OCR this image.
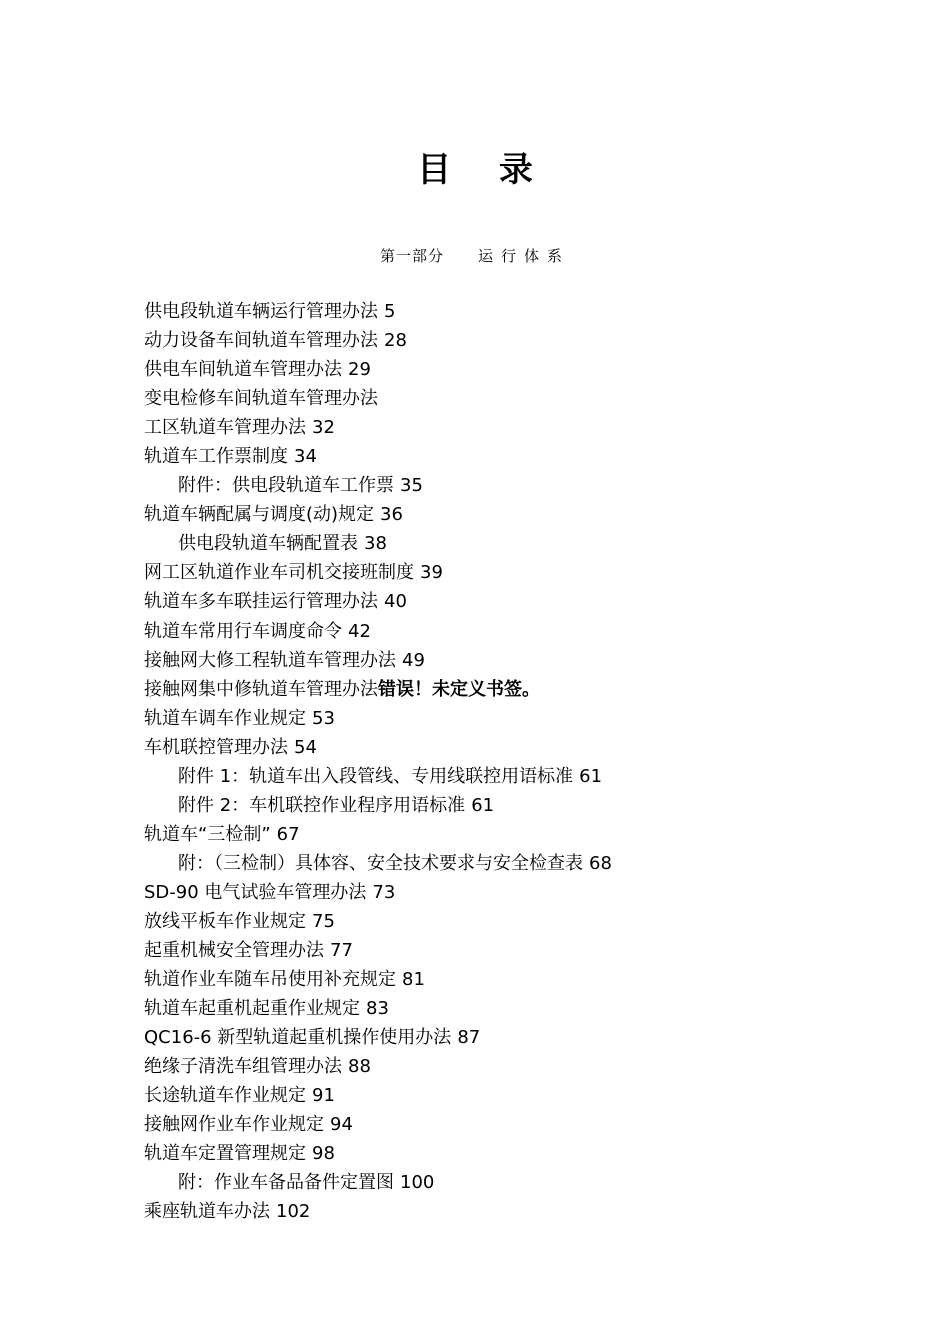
目 录
第一部分 运行体系
供电段轨道车辆运行管理办法 5
动力设备车间轨道车管理办法 28
供电车间轨道车管理办法 29
变电检修车间轨道车管理办法
工区轨道车管理办法 32
轨道车工作票制度 34
附件：供电段轨道车工作票 35
轨道车辆配属与调度(动)规定 36
供电段轨道车辆配置表 38
网工区轨道作业车司机交接班制度 39
轨道车多车联挂运行管理办法 40
轨道车常用行车调度命令 42
接触网大修工程轨道车管理办法 49
接触网集中修轨道车管理办法错误！未定义书签。
轨道车调车作业规定 53
车机联控管理办法 54
附件 1：轨道车出入段管线、专用线联控用语标准 61
附件 2：车机联控作业程序用语标准 61
轨道车“三检制” 67
附：（三检制）具体容、安全技术要求与安全检查表 68
SD-90 电气试验车管理办法 73
放线平板车作业规定 75
起重机械安全管理办法 77
轨道作业车随车吊使用补充规定 81
轨道车起重机起重作业规定 83
QC16-6 新型轨道起重机操作使用办法 87
绝缘子清洗车组管理办法 88
长途轨道车作业规定 91
接触网作业车作业规定 94
轨道车定置管理规定 98
附：作业车备品备件定置图 100
乘座轨道车办法 102
